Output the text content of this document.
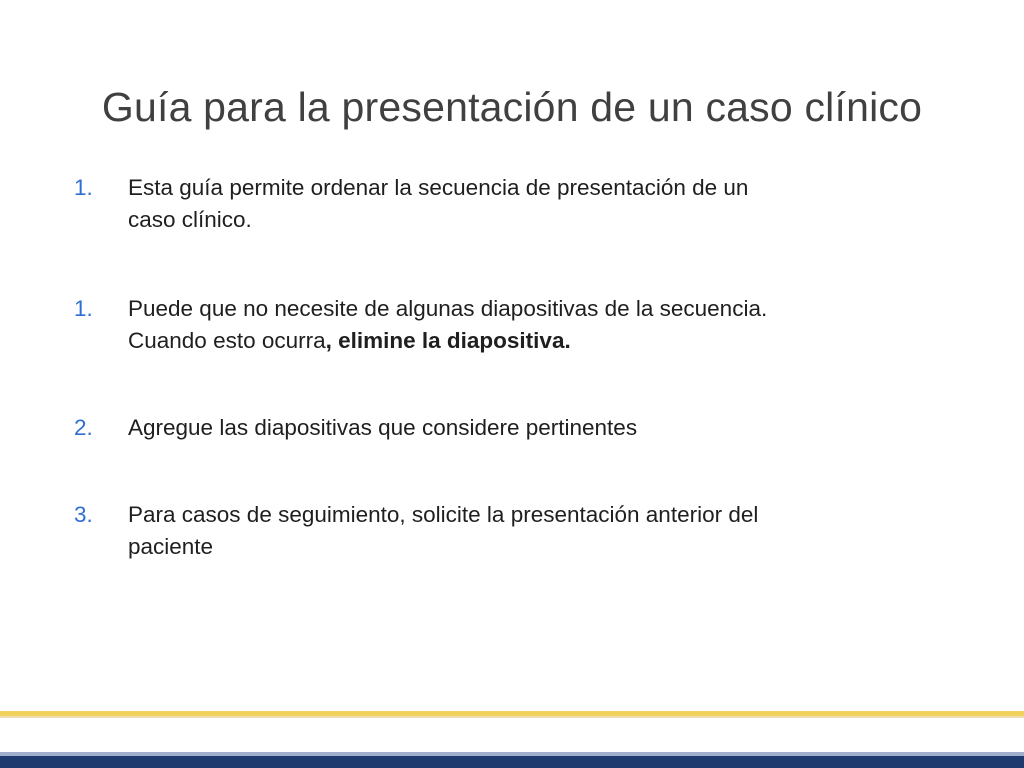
Guía para la presentación de un caso clínico
1.	Esta guía permite ordenar la secuencia de presentación de un
caso clínico.
1.	Puede que no necesite de algunas diapositivas de la secuencia.
Cuando esto ocurra, elimine la diapositiva.
2.	Agregue las diapositivas que considere pertinentes
3.	Para casos de seguimiento, solicite la presentación anterior del
paciente
